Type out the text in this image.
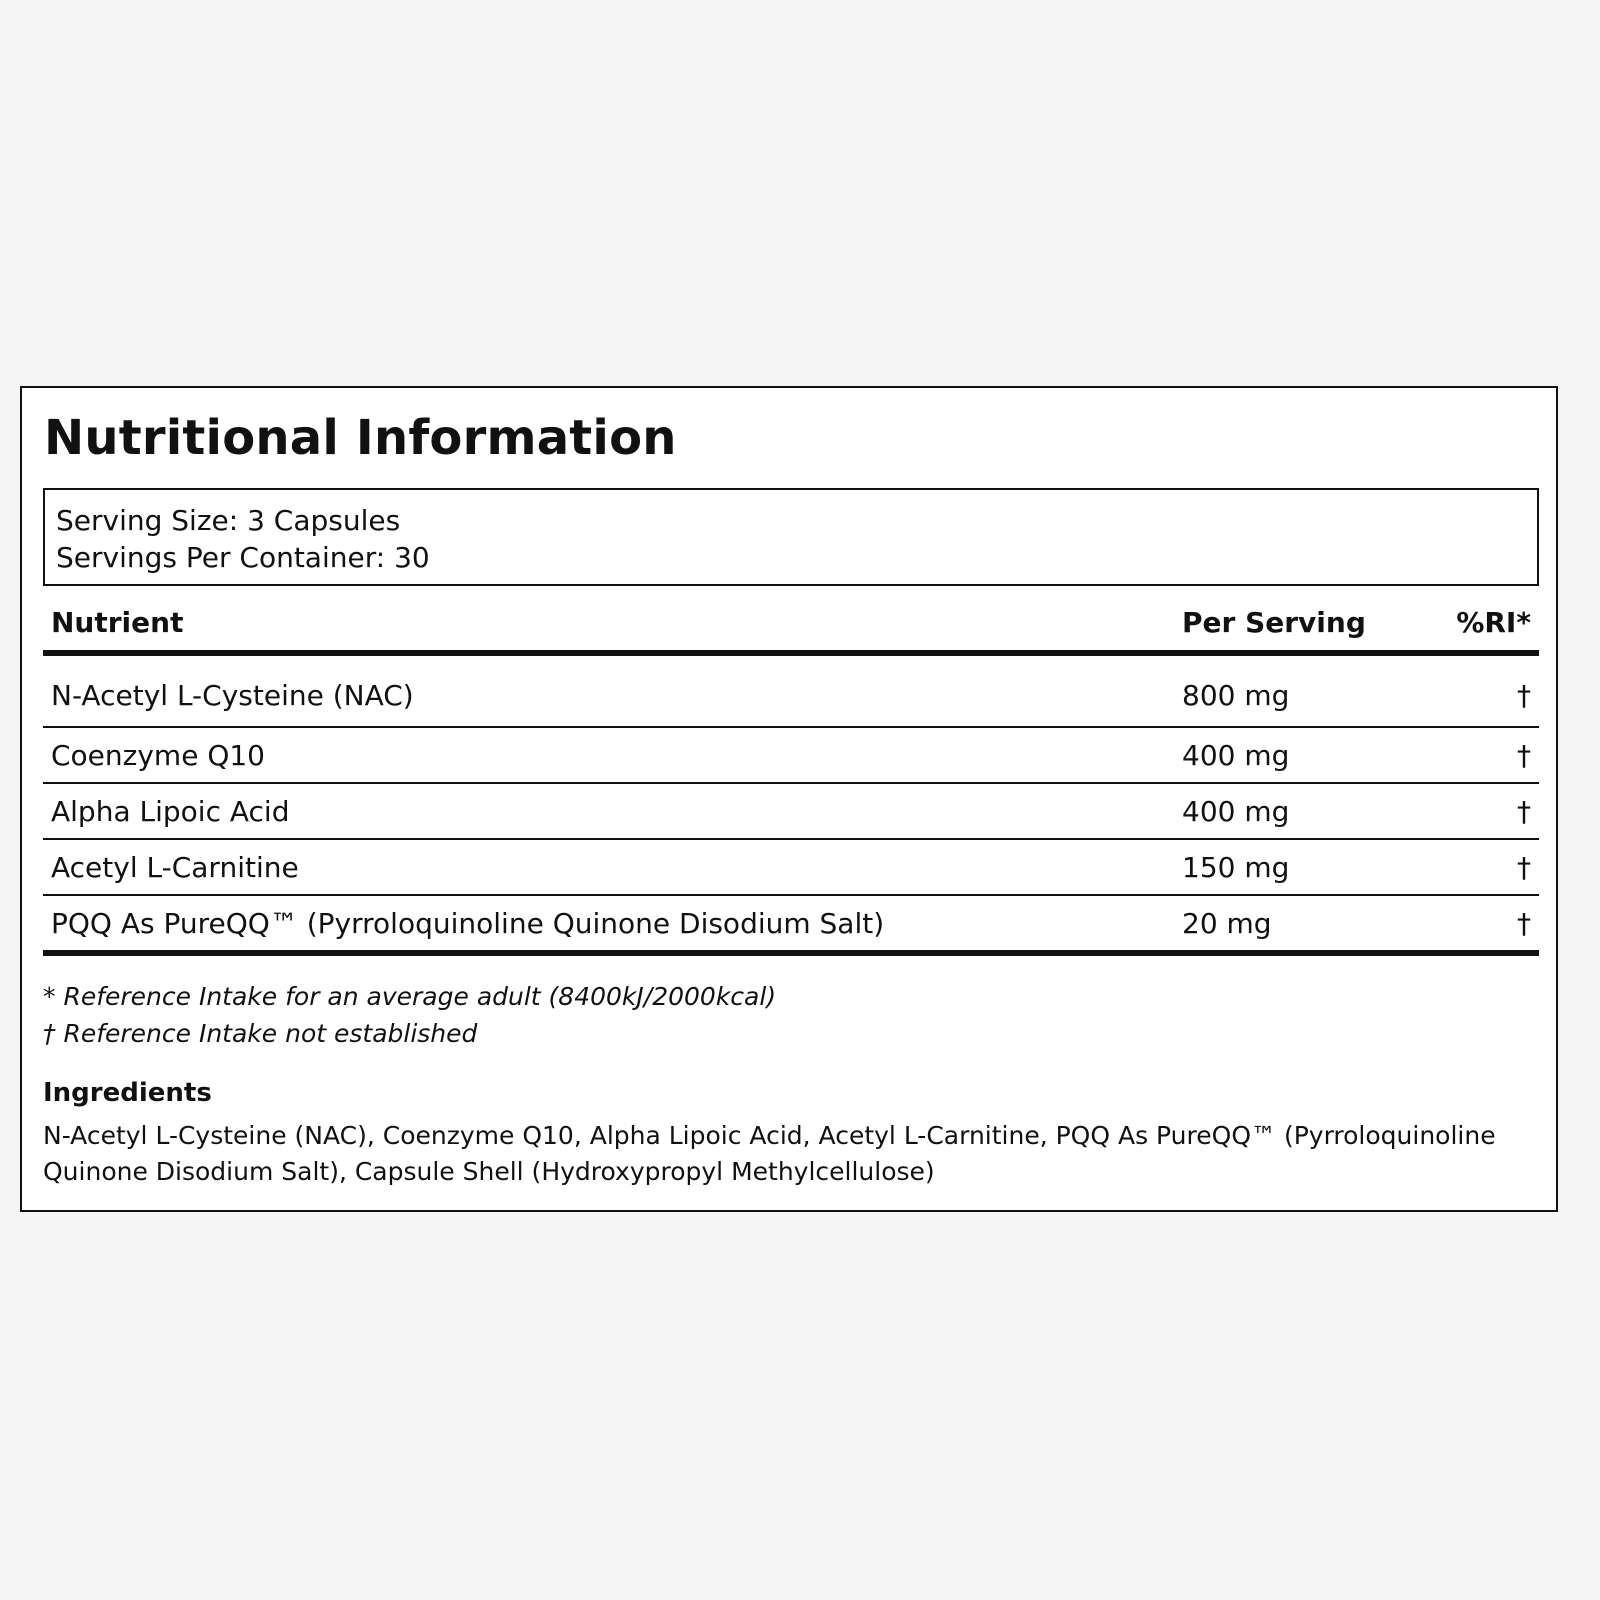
Nutritional Information
Serving Size: 3 Capsules
Servings Per Container: 30
Nutrient	Per Serving	%RI*
N-Acetyl L-Cysteine (NAC)	800 mg	†
Coenzyme Q10	400 mg	†
Alpha Lipoic Acid	400 mg	†
Acetyl L-Carnitine	150 mg	†
PQQ As PureQQ™ (Pyrroloquinoline Quinone Disodium Salt)	20 mg	†
* Reference Intake for an average adult (8400kJ/2000kcal)
† Reference Intake not established
Ingredients
N-Acetyl L-Cysteine (NAC), Coenzyme Q10, Alpha Lipoic Acid, Acetyl L-Carnitine, PQQ As PureQQ™ (Pyrroloquinoline Quinone Disodium Salt), Capsule Shell (Hydroxypropyl Methylcellulose)
